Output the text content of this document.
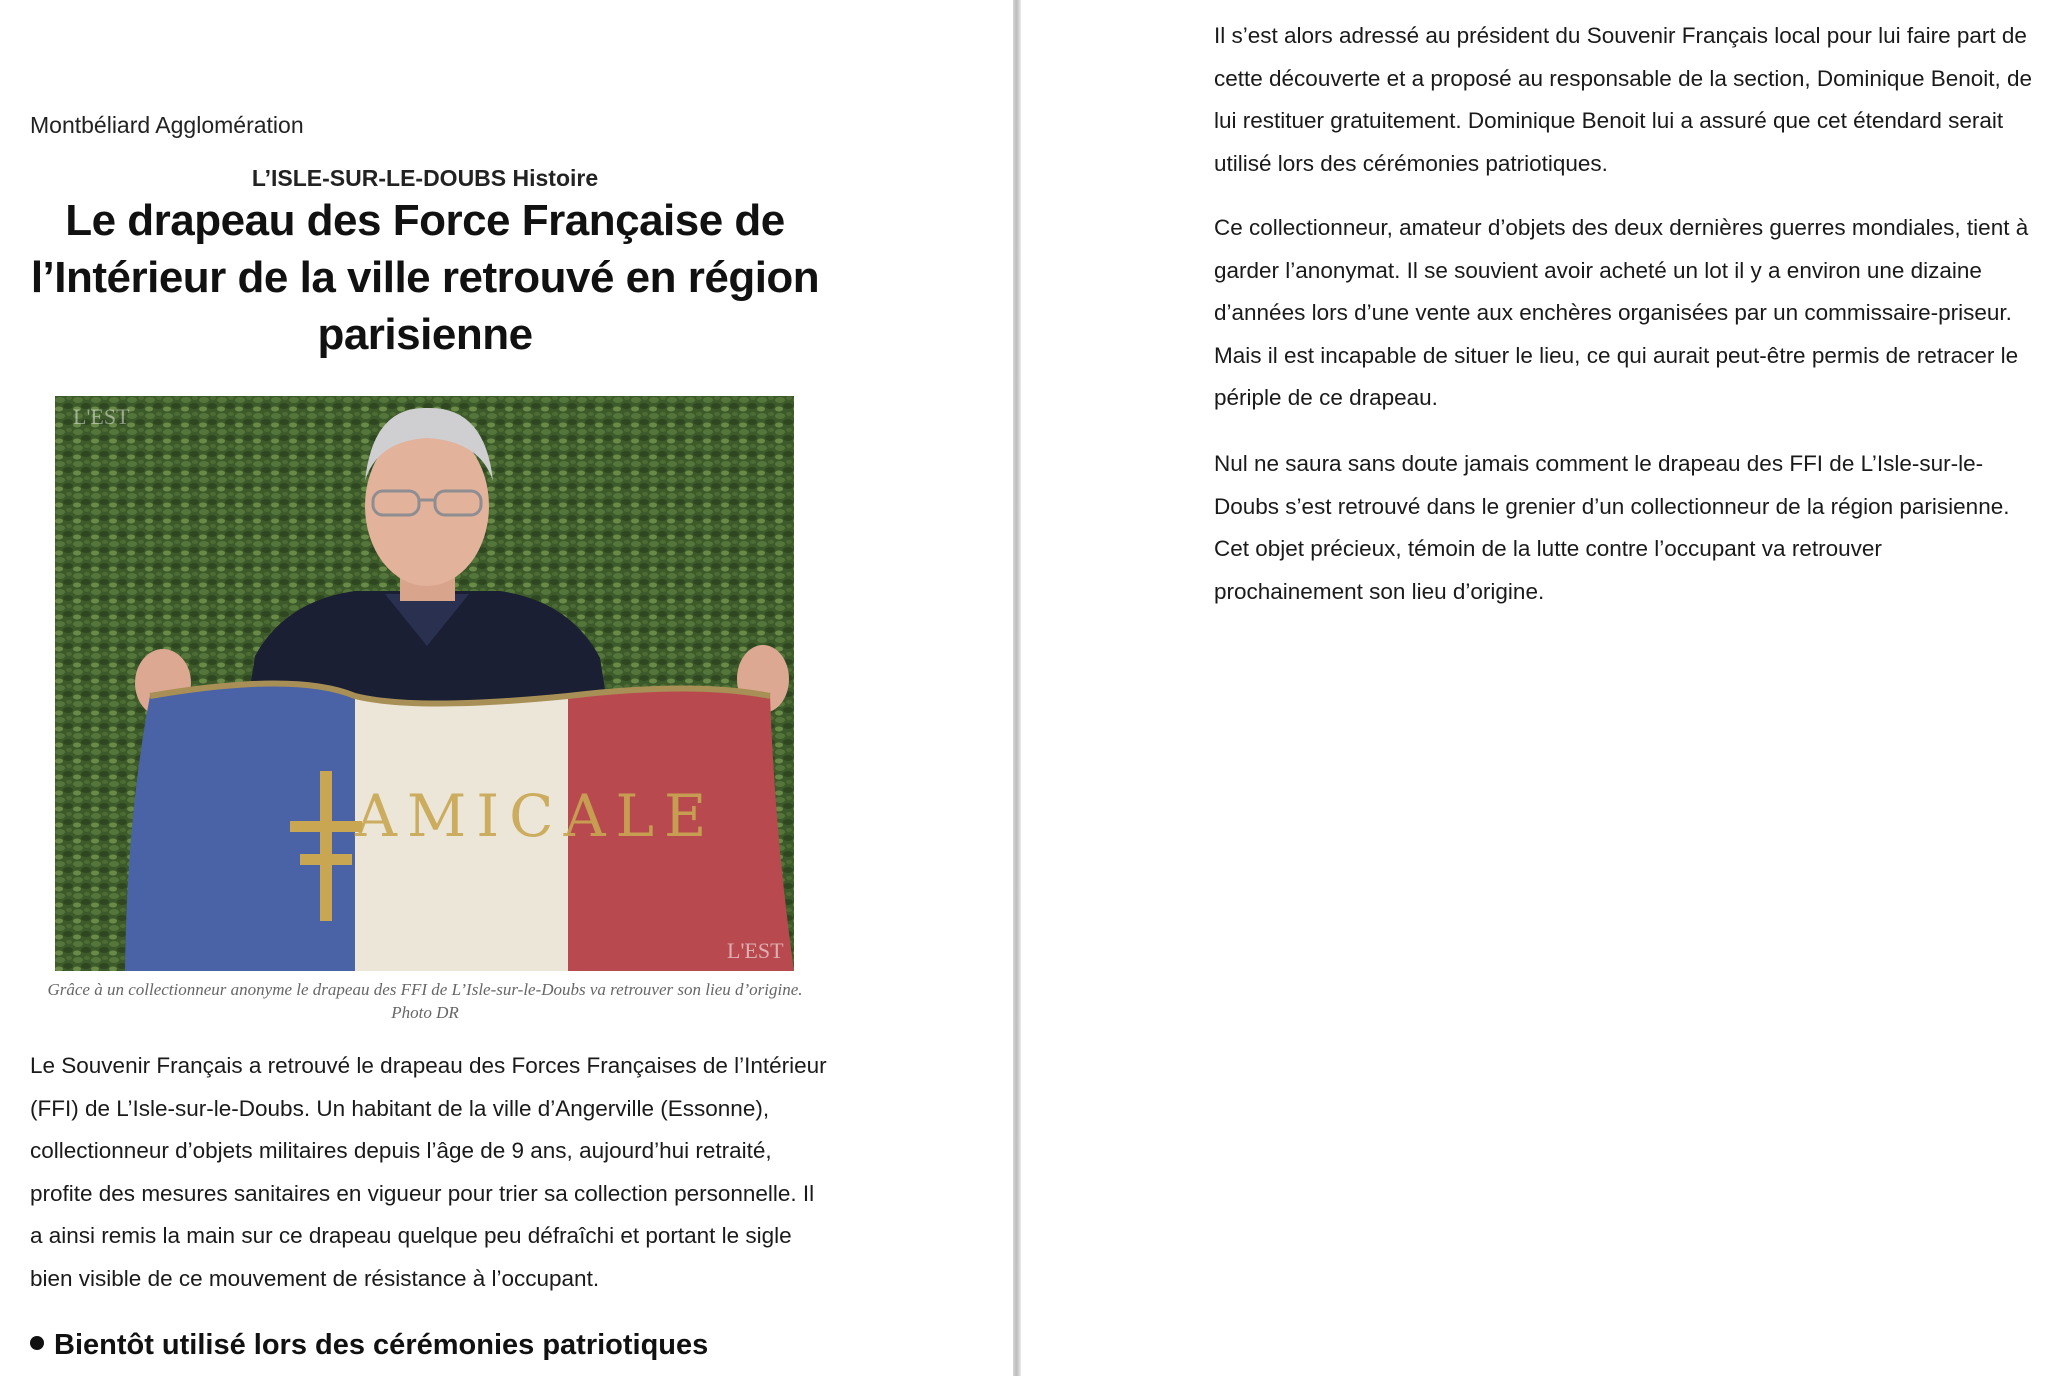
Montbéliard Agglomération
L’ISLE-SUR-LE-DOUBS Histoire
Le drapeau des Force Française de l’Intérieur de la ville retrouvé en région parisienne
AMICALE
L'EST
L'EST
Grâce à un collectionneur anonyme le drapeau des FFI de L’Isle-sur-le-Doubs va retrouver son lieu d’origine. Photo DR

Le Souvenir Français a retrouvé le drapeau des Forces Françaises de l’Intérieur (FFI) de L’Isle-sur-le-Doubs. Un habitant de la ville d’Angerville (Essonne), collectionneur d’objets militaires depuis l’âge de 9 ans, aujourd’hui retraité, profite des mesures sanitaires en vigueur pour trier sa collection personnelle. Il a ainsi remis la main sur ce drapeau quelque peu défraîchi et portant le sigle bien visible de ce mouvement de résistance à l’occupant.

Bientôt utilisé lors des cérémonies patriotiques

Il s’est alors adressé au président du Souvenir Français local pour lui faire part de cette découverte et a proposé au responsable de la section, Dominique Benoit, de lui restituer gratuitement. Dominique Benoit lui a assuré que cet étendard serait utilisé lors des cérémonies patriotiques.

Ce collectionneur, amateur d’objets des deux dernières guerres mondiales, tient à garder l’anonymat. Il se souvient avoir acheté un lot il y a environ une dizaine d’années lors d’une vente aux enchères organisées par un commissaire-priseur. Mais il est incapable de situer le lieu, ce qui aurait peut-être permis de retracer le périple de ce drapeau.

Nul ne saura sans doute jamais comment le drapeau des FFI de L’Isle-sur-le-Doubs s’est retrouvé dans le grenier d’un collectionneur de la région parisienne. Cet objet précieux, témoin de la lutte contre l’occupant va retrouver prochainement son lieu d’origine.
